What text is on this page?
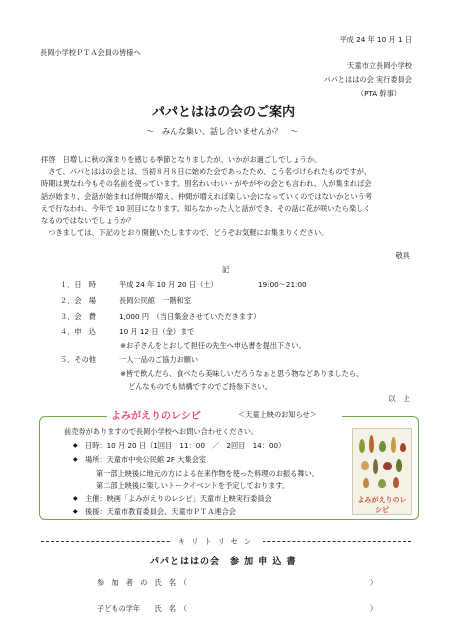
平成 24 年 10 月 1 日
長岡小学校ＰＴＡ会員の皆様へ
天童市立長岡小学校
パパとははの会 実行委員会
（PTA 幹事）
パパとははの会のご案内
～　みんな集い、話し合いませんか？　～
拝啓　日増しに秋の深まりを感じる季節となりましたが、いかがお過ごしでしょうか。
　さて、パパとははの会とは、当初８月８日に始めた会であったため、こう名づけられたものですが、
時期は異なれ今もその名前を使っています。別名わいわい・がやがやの会とも言われ、人が集まれば会
話が始まり、会話が始まれば仲間が増え、仲間が増えれば楽しい会になっていくのではないかという考
えで行なわれ、今年で 10 回目になります。知らなかった人と話ができ、その話に花が咲いたら楽しく
なるのではないでしょうか？
　つきましては、下記のとおり開催いたしますので、どうぞお気軽にお集まりください。
敬具
記
１．日　時	平成 24 年 10 月 20 日（土）	19:00～21:00
２．会　場	長岡公民館　一階和室
３．会　費	1,000 円　（当日集金させていただきます）
４．申　込	10 月 12 日（金）まで
※お子さんをとおして担任の先生へ申込書を提出下さい。
５．その他	一人一品のご協力お願い
※皆で飲んだら、食べたら美味しいだろうなぁと思う物などありましたら、
どんなものでも結構ですのでご持参下さい。
以　上
よみがえりのレシピ	＜天童上映のお知らせ＞
前売券がありますので長岡小学校へお問い合わせください。
◆ 日時：10 月 20 日（1回目　11：00　／　2回目　14：00）
◆ 場所：天童市中央公民館 2F 大集会室
第一部上映後に地元の方による在来作物を使った料理のお振る舞い、
第二部上映後に楽しいトークイベントを予定しております。
◆ 主催：映画「よみがえりのレシピ」天童市上映実行委員会
◆ 後援：天童市教育委員会、天童市ＰＴＡ連合会
よみがえりのレシピ
キリトリセン
パパとははの会　参 加 申 込 書
参　加　者　の　氏　名　（	）
子どもの学年　　氏　名　（	）
